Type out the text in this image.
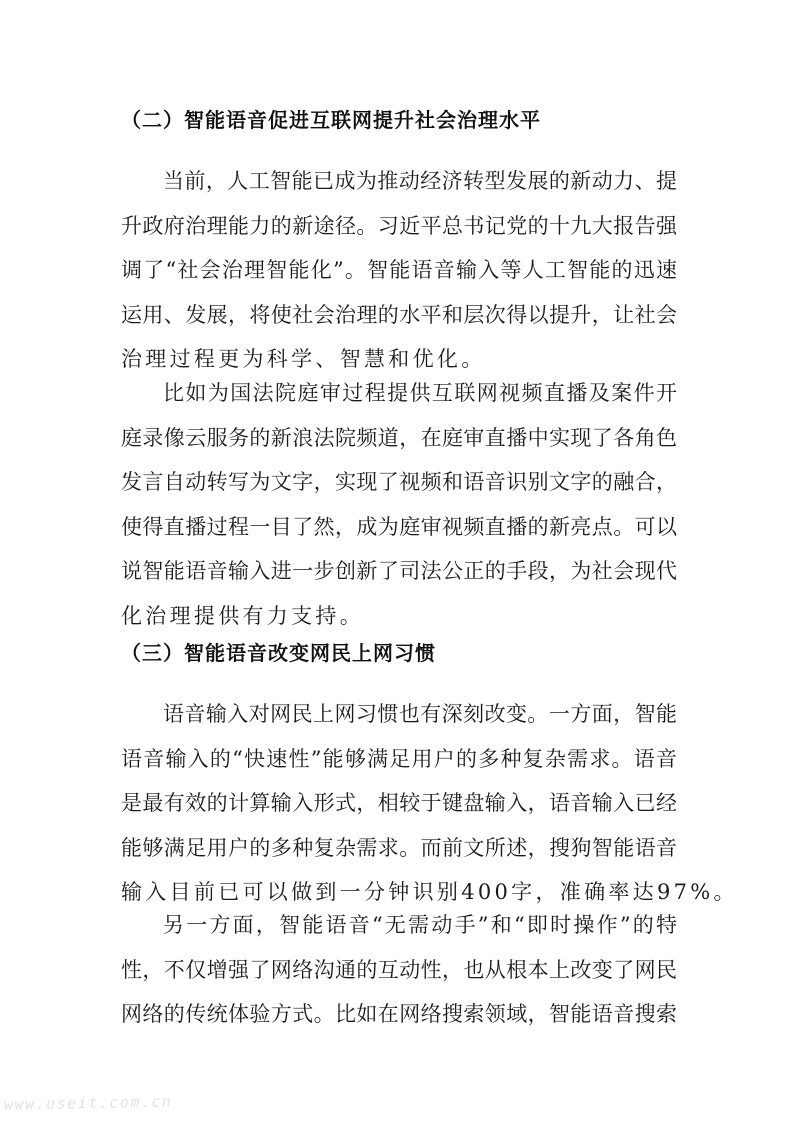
（二）智能语音促进互联网提升社会治理水平
当前，人工智能已成为推动经济转型发展的新动力、提
升政府治理能力的新途径。习近平总书记党的十九大报告强
调了“社会治理智能化”。智能语音输入等人工智能的迅速
运用、发展，将使社会治理的水平和层次得以提升，让社会
治理过程更为科学、智慧和优化。
比如为国法院庭审过程提供互联网视频直播及案件开
庭录像云服务的新浪法院频道，在庭审直播中实现了各角色
发言自动转写为文字，实现了视频和语音识别文字的融合，
使得直播过程一目了然，成为庭审视频直播的新亮点。可以
说智能语音输入进一步创新了司法公正的手段，为社会现代
化治理提供有力支持。
（三）智能语音改变网民上网习惯
语音输入对网民上网习惯也有深刻改变。一方面，智能
语音输入的“快速性”能够满足用户的多种复杂需求。语音
是最有效的计算输入形式，相较于键盘输入，语音输入已经
能够满足用户的多种复杂需求。而前文所述，搜狗智能语音
输入目前已可以做到一分钟识别400字，准确率达97%。
另一方面，智能语音“无需动手”和“即时操作”的特
性，不仅增强了网络沟通的互动性，也从根本上改变了网民
网络的传统体验方式。比如在网络搜索领域，智能语音搜索
www.useit.com.cn
